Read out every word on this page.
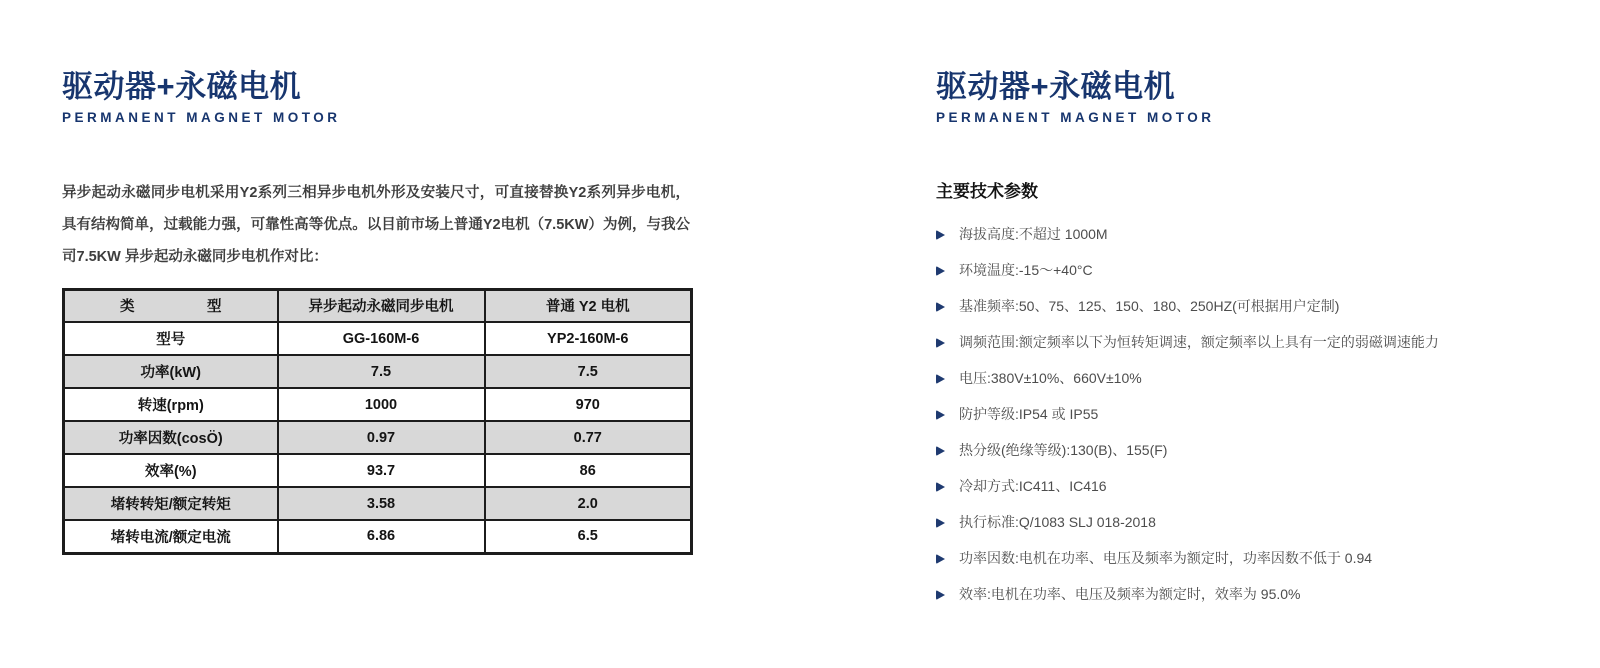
驱动器+永磁电机
PERMANENT MAGNET MOTOR

异步起动永磁同步电机采用Y2系列三相异步电机外形及安装尺寸，可直接替换Y2系列异步电机，具有结构简单，过载能力强，可靠性高等优点。以目前市场上普通Y2电机（7.5KW）为例，与我公司7.5KW 异步起动永磁同步电机作对比：

类　　　　　型	异步起动永磁同步电机	普通 Y2 电机
型号	GG-160M-6	YP2-160M-6
功率(kW)	7.5	7.5
转速(rpm)	1000	970
功率因数(cosÖ)	0.97	0.77
效率(%)	93.7	86
堵转转矩/额定转矩	3.58	2.0
堵转电流/额定电流	6.86	6.5
驱动器+永磁电机
PERMANENT MAGNET MOTOR
主要技术参数
海拔高度:不超过 1000M
环境温度:-15～+40°C
基准频率:50、75、125、150、180、250HZ(可根据用户定制)
调频范围:额定频率以下为恒转矩调速，额定频率以上具有一定的弱磁调速能力
电压:380V±10%、660V±10%
防护等级:IP54 或 IP55
热分级(绝缘等级):130(B)、155(F)
冷却方式:IC411、IC416
执行标准:Q/1083 SLJ 018-2018
功率因数:电机在功率、电压及频率为额定时，功率因数不低于 0.94
效率:电机在功率、电压及频率为额定时，效率为 95.0%
